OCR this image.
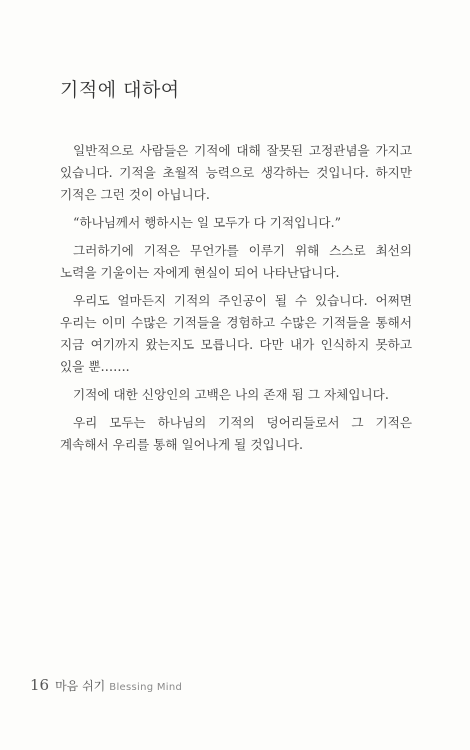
기적에 대하여

일반적으로 사람들은 기적에 대해 잘못된 고정관념을 가지고 있습니다. 기적을 초월적 능력으로 생각하는 것입니다. 하지만 기적은 그런 것이 아닙니다.

“하나님께서 행하시는 일 모두가 다 기적입니다.”

그러하기에 기적은 무언가를 이루기 위해 스스로 최선의 노력을 기울이는 자에게 현실이 되어 나타난답니다.

우리도 얼마든지 기적의 주인공이 될 수 있습니다. 어쩌면 우리는 이미 수많은 기적들을 경험하고 수많은 기적들을 통해서 지금 여기까지 왔는지도 모릅니다. 다만 내가 인식하지 못하고 있을 뿐…….

기적에 대한 신앙인의 고백은 나의 존재 됨 그 자체입니다.

우리 모두는 하나님의 기적의 덩어리들로서 그 기적은 계속해서 우리를 통해 일어나게 될 것입니다.

16 마음 쉬기 Blessing Mind
